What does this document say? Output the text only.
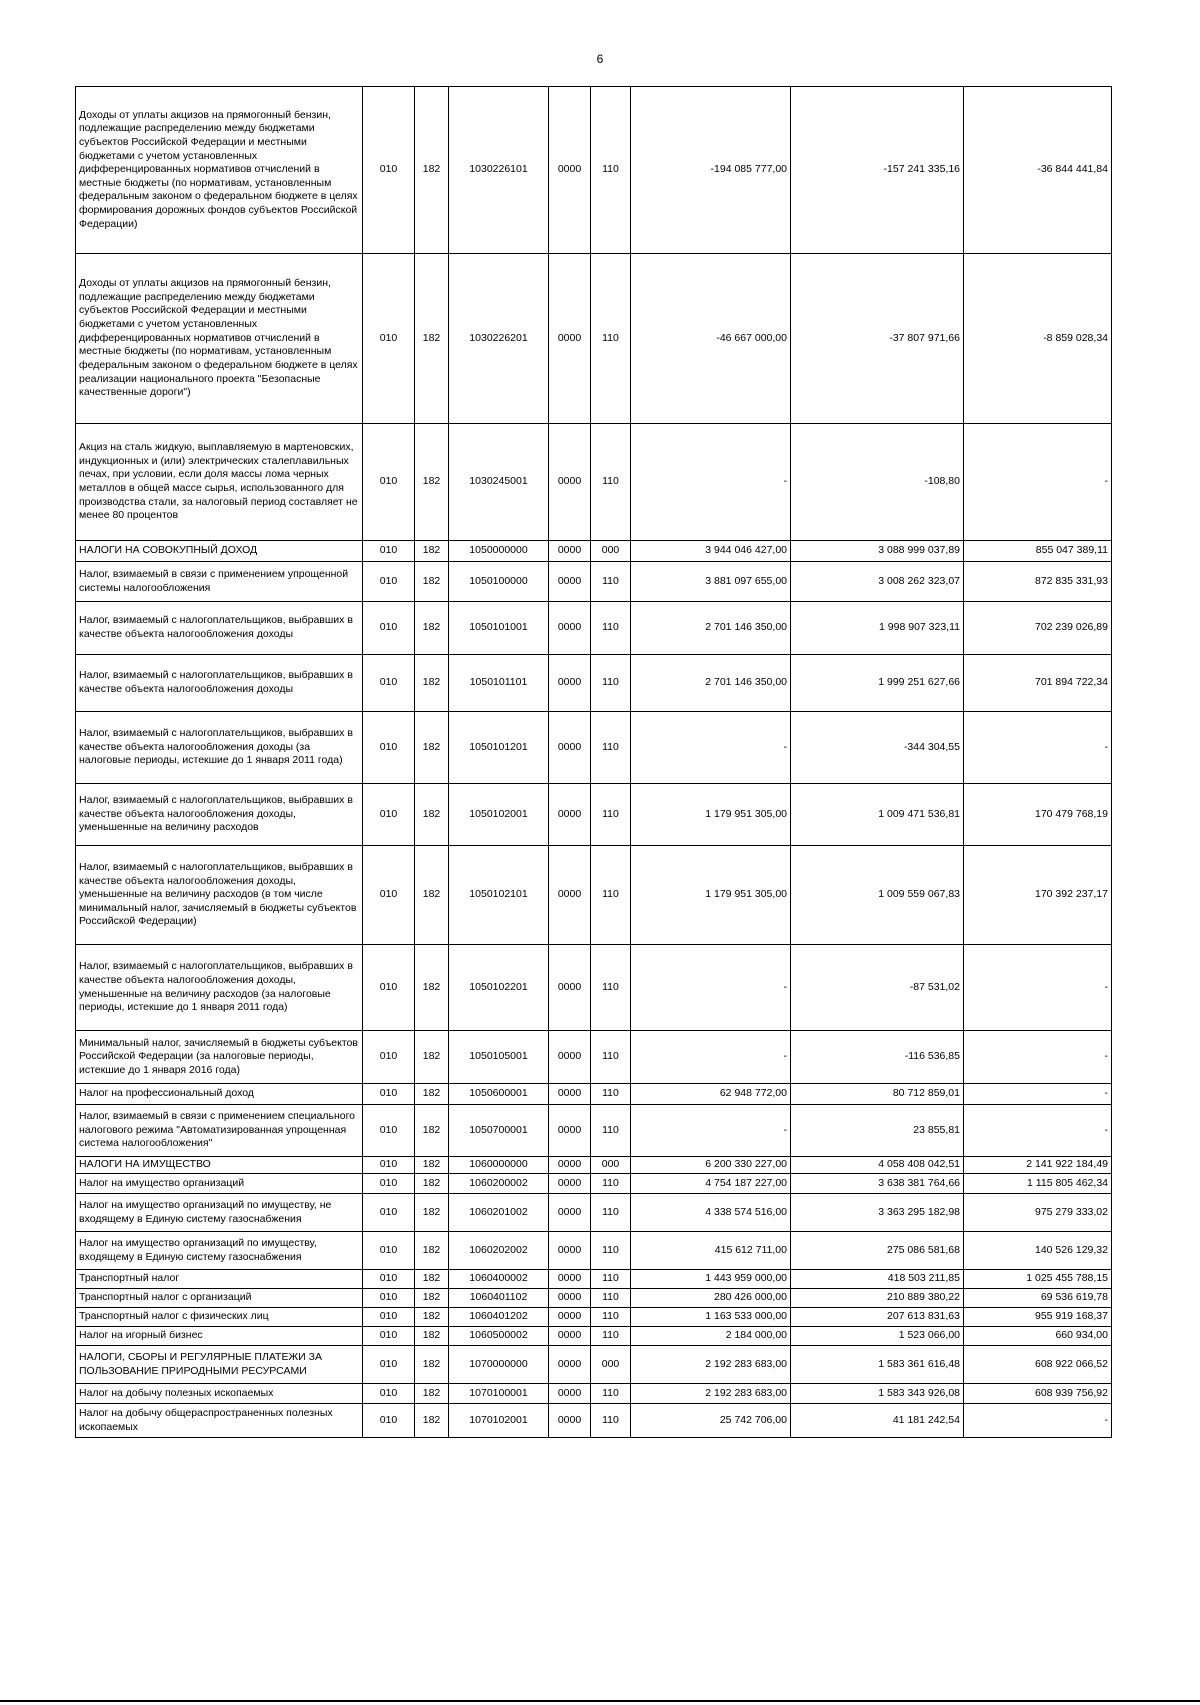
6
Доходы от уплаты акцизов на прямогонный бензин, подлежащие распределению между бюджетами субъектов Российской Федерации и местными бюджетами с учетом установленных дифференцированных нормативов отчислений в местные бюджеты (по нормативам, установленным федеральным законом о федеральном бюджете в целях формирования дорожных фондов субъектов Российской Федерации)	010	182	1030226101	0000	110	-194 085 777,00	-157 241 335,16	-36 844 441,84
Доходы от уплаты акцизов на прямогонный бензин, подлежащие распределению между бюджетами субъектов Российской Федерации и местными бюджетами с учетом установленных дифференцированных нормативов отчислений в местные бюджеты (по нормативам, установленным федеральным законом о федеральном бюджете в целях реализации национального проекта "Безопасные качественные дороги")	010	182	1030226201	0000	110	-46 667 000,00	-37 807 971,66	-8 859 028,34
Акциз на сталь жидкую, выплавляемую в мартеновских, индукционных и (или) электрических сталеплавильных печах, при условии, если доля массы лома черных металлов в общей массе сырья, использованного для производства стали, за налоговый период составляет не менее 80 процентов	010	182	1030245001	0000	110	-	-108,80	-
НАЛОГИ НА СОВОКУПНЫЙ ДОХОД	010	182	1050000000	0000	000	3 944 046 427,00	3 088 999 037,89	855 047 389,11
Налог, взимаемый в связи с применением упрощенной системы налогообложения	010	182	1050100000	0000	110	3 881 097 655,00	3 008 262 323,07	872 835 331,93
Налог, взимаемый с налогоплательщиков, выбравших в качестве объекта налогообложения доходы	010	182	1050101001	0000	110	2 701 146 350,00	1 998 907 323,11	702 239 026,89
Налог, взимаемый с налогоплательщиков, выбравших в качестве объекта налогообложения доходы	010	182	1050101101	0000	110	2 701 146 350,00	1 999 251 627,66	701 894 722,34
Налог, взимаемый с налогоплательщиков, выбравших в качестве объекта налогообложения доходы (за налоговые периоды, истекшие до 1 января 2011 года)	010	182	1050101201	0000	110	-	-344 304,55	-
Налог, взимаемый с налогоплательщиков, выбравших в качестве объекта налогообложения доходы, уменьшенные на величину расходов	010	182	1050102001	0000	110	1 179 951 305,00	1 009 471 536,81	170 479 768,19
Налог, взимаемый с налогоплательщиков, выбравших в качестве объекта налогообложения доходы, уменьшенные на величину расходов (в том числе минимальный налог, зачисляемый в бюджеты субъектов Российской Федерации)	010	182	1050102101	0000	110	1 179 951 305,00	1 009 559 067,83	170 392 237,17
Налог, взимаемый с налогоплательщиков, выбравших в качестве объекта налогообложения доходы, уменьшенные на величину расходов (за налоговые периоды, истекшие до 1 января 2011 года)	010	182	1050102201	0000	110	-	-87 531,02	-
Минимальный налог, зачисляемый в бюджеты субъектов Российской Федерации (за налоговые периоды, истекшие до 1 января 2016 года)	010	182	1050105001	0000	110	-	-116 536,85	-
Налог на профессиональный доход	010	182	1050600001	0000	110	62 948 772,00	80 712 859,01	-
Налог, взимаемый в связи с применением специального налогового режима "Автоматизированная упрощенная система налогообложения"	010	182	1050700001	0000	110	-	23 855,81	-
НАЛОГИ НА ИМУЩЕСТВО	010	182	1060000000	0000	000	6 200 330 227,00	4 058 408 042,51	2 141 922 184,49
Налог на имущество организаций	010	182	1060200002	0000	110	4 754 187 227,00	3 638 381 764,66	1 115 805 462,34
Налог на имущество организаций по имуществу, не входящему в Единую систему газоснабжения	010	182	1060201002	0000	110	4 338 574 516,00	3 363 295 182,98	975 279 333,02
Налог на имущество организаций по имуществу, входящему в Единую систему газоснабжения	010	182	1060202002	0000	110	415 612 711,00	275 086 581,68	140 526 129,32
Транспортный налог	010	182	1060400002	0000	110	1 443 959 000,00	418 503 211,85	1 025 455 788,15
Транспортный налог с организаций	010	182	1060401102	0000	110	280 426 000,00	210 889 380,22	69 536 619,78
Транспортный налог с физических лиц	010	182	1060401202	0000	110	1 163 533 000,00	207 613 831,63	955 919 168,37
Налог на игорный бизнес	010	182	1060500002	0000	110	2 184 000,00	1 523 066,00	660 934,00
НАЛОГИ, СБОРЫ И РЕГУЛЯРНЫЕ ПЛАТЕЖИ ЗА ПОЛЬЗОВАНИЕ ПРИРОДНЫМИ РЕСУРСАМИ	010	182	1070000000	0000	000	2 192 283 683,00	1 583 361 616,48	608 922 066,52
Налог на добычу полезных ископаемых	010	182	1070100001	0000	110	2 192 283 683,00	1 583 343 926,08	608 939 756,92
Налог на добычу общераспространенных полезных ископаемых	010	182	1070102001	0000	110	25 742 706,00	41 181 242,54	-
